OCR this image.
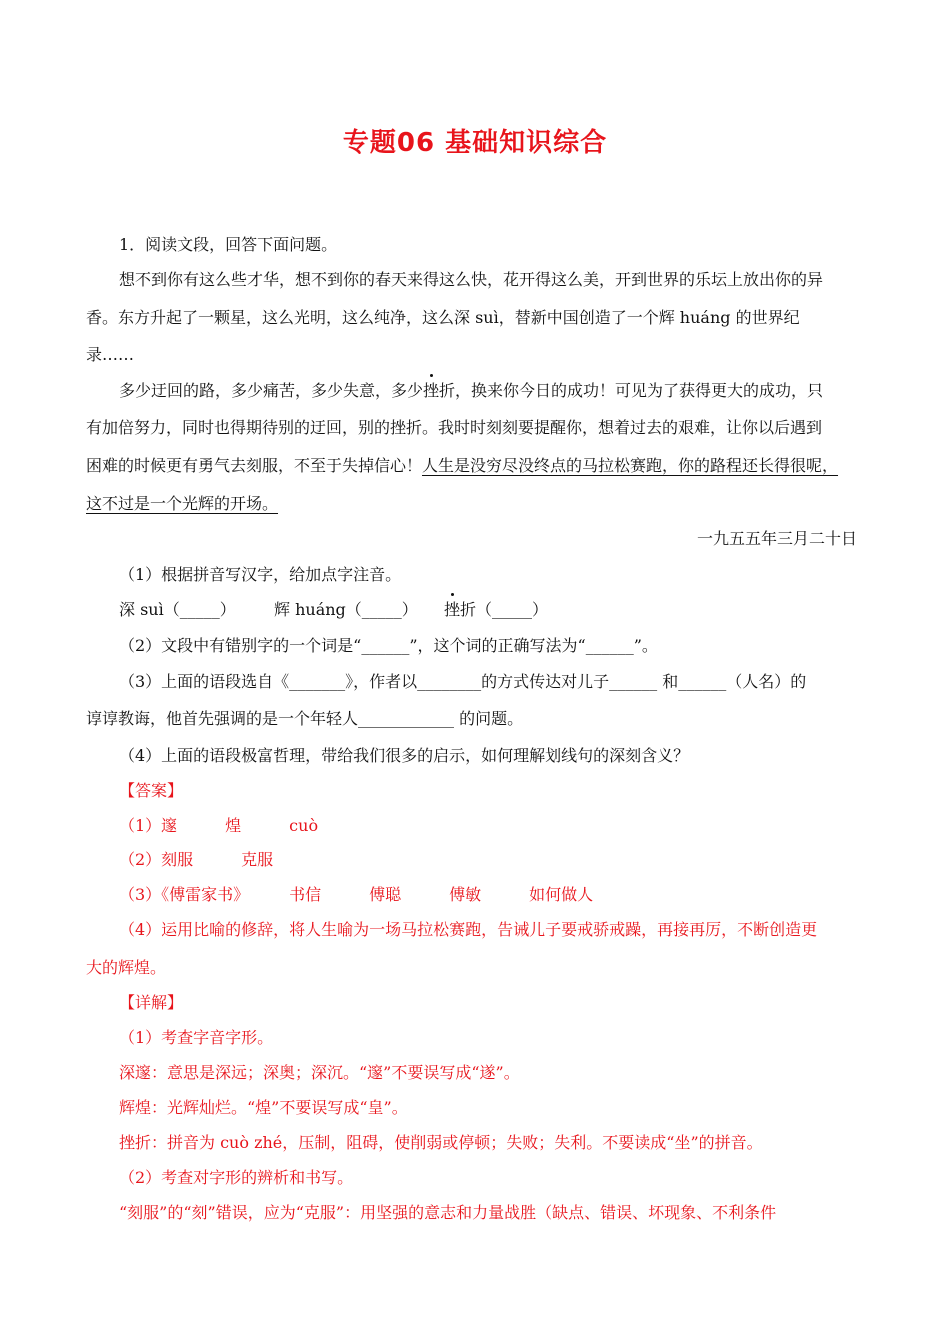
专题06 基础知识综合
1．阅读文段，回答下面问题。
想不到你有这么些才华，想不到你的春天来得这么快，花开得这么美，开到世界的乐坛上放出你的异
香。东方升起了一颗星，这么光明，这么纯净，这么深 suì，替新中国创造了一个辉 huáng 的世界纪
录……
多少迂回的路，多少痛苦，多少失意，多少挫折，换来你今日的成功！可见为了获得更大的成功，只
有加倍努力，同时也得期待别的迂回，别的挫折。我时时刻刻要提醒你，想着过去的艰难，让你以后遇到
困难的时候更有勇气去刻服，不至于失掉信心！人生是没穷尽没终点的马拉松赛跑，你的路程还长得很呢，
这不过是一个光辉的开场。
一九五五年三月二十日
（1）根据拼音写汉字，给加点字注音。
深 suì（_____） 辉 huáng（_____） 挫折（_____）
（2）文段中有错别字的一个词是“______”，这个词的正确写法为“______”。
（3）上面的语段选自《_______》，作者以________的方式传达对儿子______ 和______（人名）的
谆谆教诲，他首先强调的是一个年轻人____________ 的问题。
（4）上面的语段极富哲理，带给我们很多的启示，如何理解划线句的深刻含义？
【答案】
（1）邃　　　煌　　　cuò
（2）刻服　　　克服
（3）《傅雷家书》　　　书信　　　傅聪　　　傅敏　　　如何做人
（4）运用比喻的修辞，将人生喻为一场马拉松赛跑，告诫儿子要戒骄戒躁，再接再厉，不断创造更
大的辉煌。
【详解】
（1）考查字音字形。
深邃：意思是深远；深奥；深沉。“邃”不要误写成“遂”。
辉煌：光辉灿烂。“煌”不要误写成“皇”。
挫折：拼音为 cuò zhé，压制，阻碍，使削弱或停顿；失败；失利。不要读成“坐”的拼音。
（2）考查对字形的辨析和书写。
“刻服”的“刻”错误，应为“克服”：用坚强的意志和力量战胜（缺点、错误、坏现象、不利条件
